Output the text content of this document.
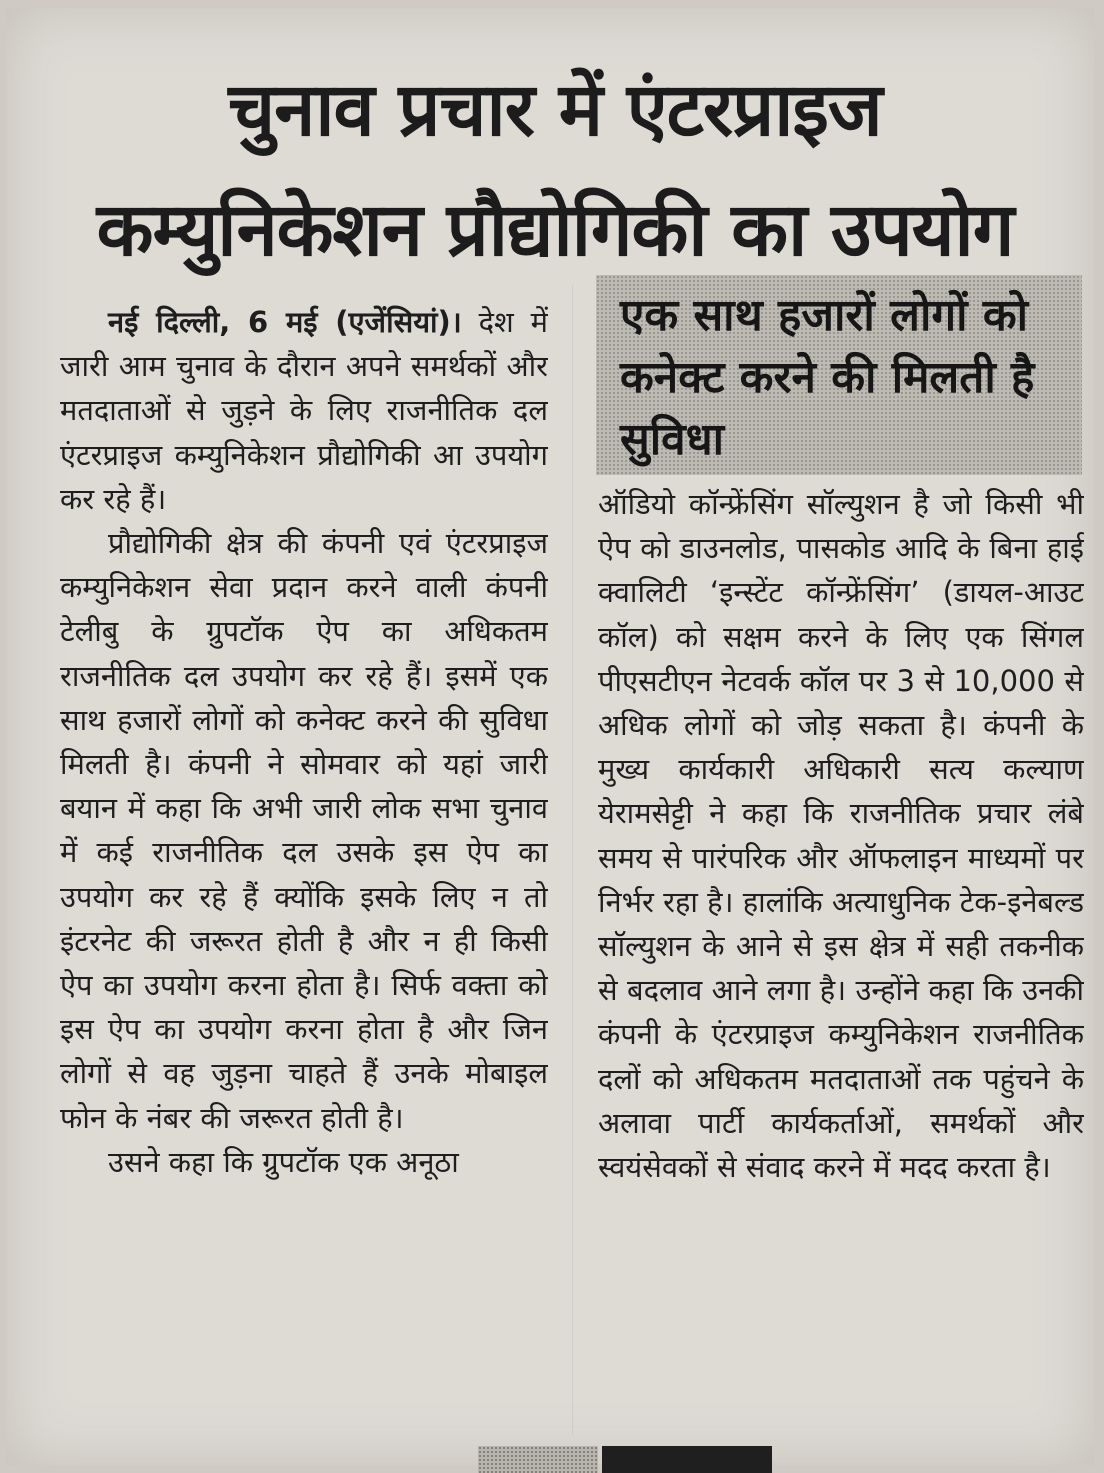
चुनाव प्रचार में एंटरप्राइज
कम्युनिकेशन प्रौद्योगिकी का उपयोग

नई दिल्ली, 6 मई (एजेंसियां)। देश में जारी आम चुनाव के दौरान अपने समर्थकों और मतदाताओं से जुड़ने के लिए राजनीतिक दल एंटरप्राइज कम्युनिकेशन प्रौद्योगिकी आ उपयोग कर रहे हैं।

प्रौद्योगिकी क्षेत्र की कंपनी एवं एंटरप्राइज कम्युनिकेशन सेवा प्रदान करने वाली कंपनी टेलीबु के ग्रुपटॉक ऐप का अधिकतम राजनीतिक दल उपयोग कर रहे हैं। इसमें एक साथ हजारों लोगों को कनेक्ट करने की सुविधा मिलती है। कंपनी ने सोमवार को यहां जारी बयान में कहा कि अभी जारी लोक सभा चुनाव में कई राजनीतिक दल उसके इस ऐप का उपयोग कर रहे हैं क्योंकि इसके लिए न तो इंटरनेट की जरूरत होती है और न ही किसी ऐप का उपयोग करना होता है। सिर्फ वक्ता को इस ऐप का उपयोग करना होता है और जिन लोगों से वह जुड़ना चाहते हैं उनके मोबाइल फोन के नंबर की जरूरत होती है।

उसने कहा कि ग्रुपटॉक एक अनूठा

एक साथ हजारों लोगों को कनेक्ट करने की मिलती है सुविधा

ऑडियो कॉन्फ्रेंसिंग सॉल्युशन है जो किसी भी ऐप को डाउनलोड, पासकोड आदि के बिना हाई क्वालिटी ‘इन्स्टेंट कॉन्फ्रेंसिंग’ (डायल-आउट कॉल) को सक्षम करने के लिए एक सिंगल पीएसटीएन नेटवर्क कॉल पर 3 से 10,000 से अधिक लोगों को जोड़ सकता है। कंपनी के मुख्य कार्यकारी अधिकारी सत्य कल्याण येरामसेट्टी ने कहा कि राजनीतिक प्रचार लंबे समय से पारंपरिक और ऑफलाइन माध्यमों पर निर्भर रहा है। हालांकि अत्याधुनिक टेक-इनेबल्ड सॉल्युशन के आने से इस क्षेत्र में सही तकनीक से बदलाव आने लगा है। उन्होंने कहा कि उनकी कंपनी के एंटरप्राइज कम्युनिकेशन राजनीतिक दलों को अधिकतम मतदाताओं तक पहुंचने के अलावा पार्टी कार्यकर्ताओं, समर्थकों और स्वयंसेवकों से संवाद करने में मदद करता है।
